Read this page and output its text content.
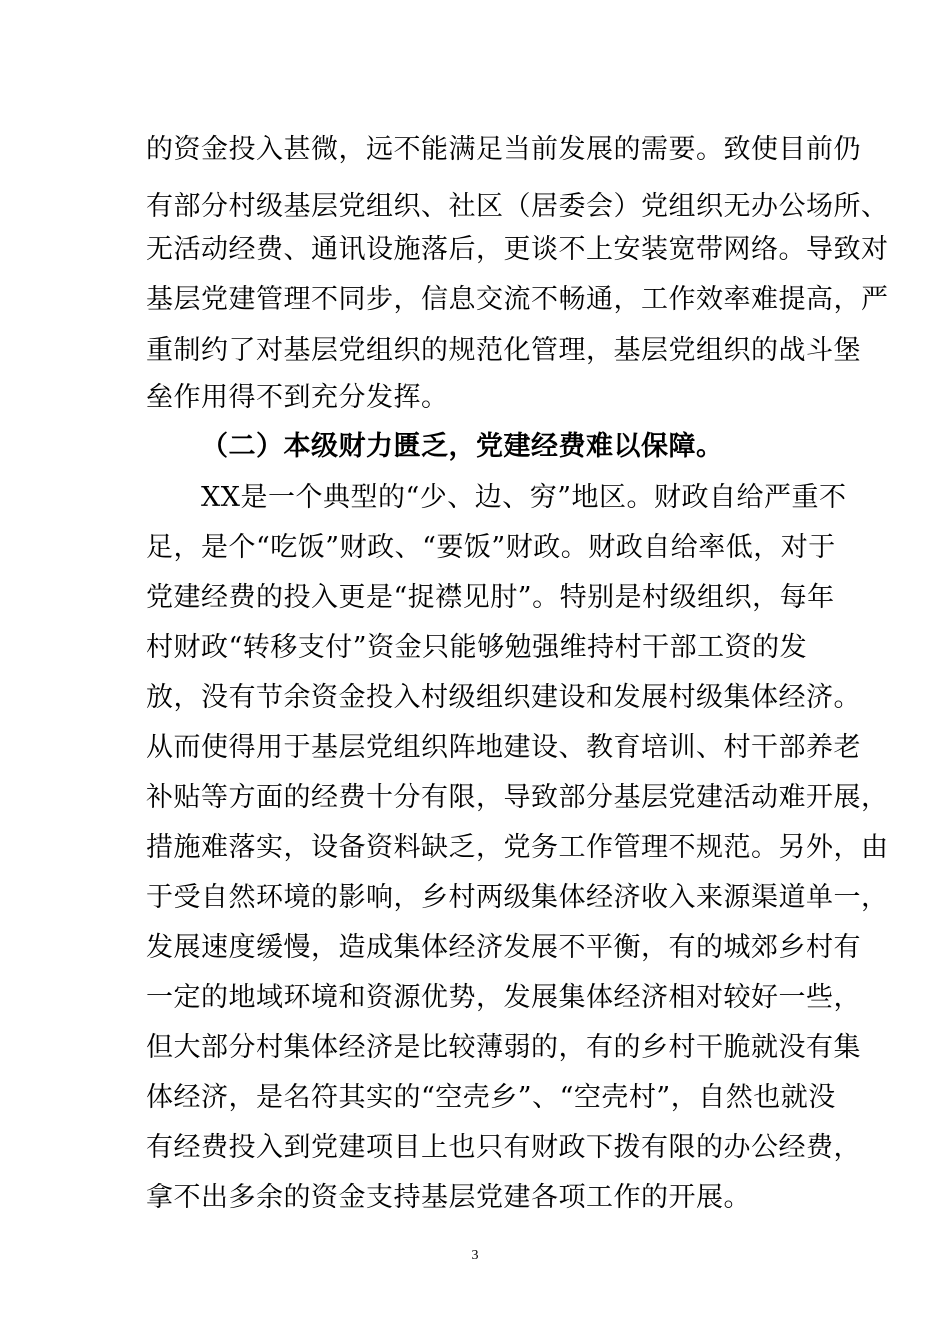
的资金投入甚微，远不能满足当前发展的需要。致使目前仍
有部分村级基层党组织、社区（居委会）党组织无办公场所、
无活动经费、通讯设施落后，更谈不上安装宽带网络。导致对
基层党建管理不同步，信息交流不畅通，工作效率难提高，严
重制约了对基层党组织的规范化管理，基层党组织的战斗堡
垒作用得不到充分发挥。
（二）本级财力匮乏，党建经费难以保障。
XX是一个典型的“少、边、穷”地区。财政自给严重不
足，是个“吃饭”财政、“要饭”财政。财政自给率低，对于
党建经费的投入更是“捉襟见肘”。特别是村级组织，每年
村财政“转移支付”资金只能够勉强维持村干部工资的发
放，没有节余资金投入村级组织建设和发展村级集体经济。
从而使得用于基层党组织阵地建设、教育培训、村干部养老
补贴等方面的经费十分有限，导致部分基层党建活动难开展，
措施难落实，设备资料缺乏，党务工作管理不规范。另外，由
于受自然环境的影响，乡村两级集体经济收入来源渠道单一，
发展速度缓慢，造成集体经济发展不平衡，有的城郊乡村有
一定的地域环境和资源优势，发展集体经济相对较好一些，
但大部分村集体经济是比较薄弱的，有的乡村干脆就没有集
体经济，是名符其实的“空壳乡”、“空壳村”，自然也就没
有经费投入到党建项目上也只有财政下拨有限的办公经费，
拿不出多余的资金支持基层党建各项工作的开展。
3
